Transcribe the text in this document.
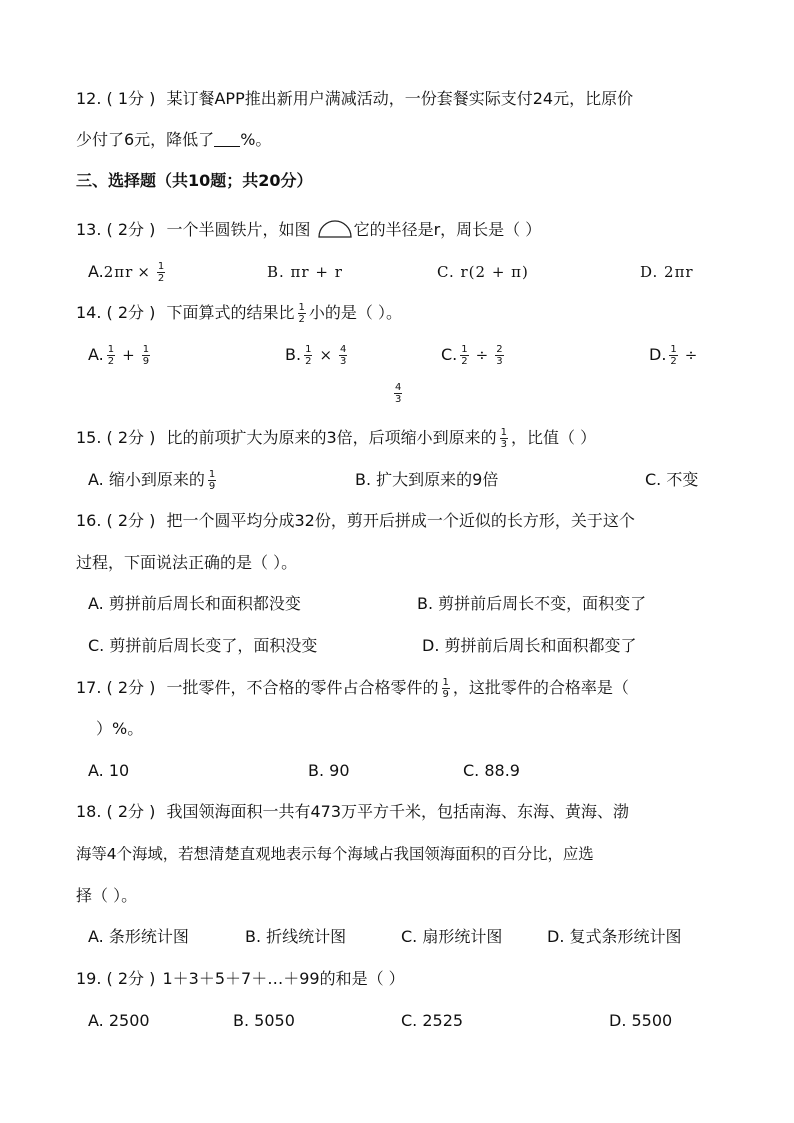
12. ( 1分 ) 某订餐APP推出新用户满减活动，一份套餐实际支付24元，比原价
少付了6元，降低了 %。
三、选择题（共10题；共20分）
13. ( 2分 ) 一个半圆铁片，如图	它的半径是r，周长是（ ）
$A.2\pi r \times \frac{1}{2}$	B. πr + r	C. r(2 + π)	D. 2πr
14. ( 2分 ) 下面算式的结果比 $\frac{1}{2}$ 小的是（ ）。
A. $\frac{1}{2} + \frac{1}{9}$	B. $\frac{1}{2} \times \frac{4}{3}$	C. $\frac{1}{2} \div \frac{2}{3}$	D. $\frac{1}{2}$ ÷
$\frac{4}{3}$
15. ( 2分 ) 比的前项扩大为原来的3倍，后项缩小到原来的 $\frac{1}{3}$ ，比值（ ）
A. 缩小到原来的 $\frac{1}{9}$	B. 扩大到原来的9倍	C. 不变
16. ( 2分 ) 把一个圆平均分成32份，剪开后拼成一个近似的长方形，关于这个
过程，下面说法正确的是（ ）。
A. 剪拼前后周长和面积都没变	B. 剪拼前后周长不变，面积变了
C. 剪拼前后周长变了，面积没变	D. 剪拼前后周长和面积都变了
17. ( 2分 ) 一批零件，不合格的零件占合格零件的 $\frac{1}{9}$ ，这批零件的合格率是（
）%。
A. 10	B. 90	C. 88.9
18. ( 2分 ) 我国领海面积一共有473万平方千米，包括南海、东海、黄海、渤
海等4个海域，若想清楚直观地表示每个海域占我国领海面积的百分比，应选
择（ ）。
A. 条形统计图	B. 折线统计图	C. 扇形统计图	D. 复式条形统计图
19. ( 2分 ) 1＋3＋5＋7＋…＋99的和是（ ）
A. 2500	B. 5050	C. 2525	D. 5500
